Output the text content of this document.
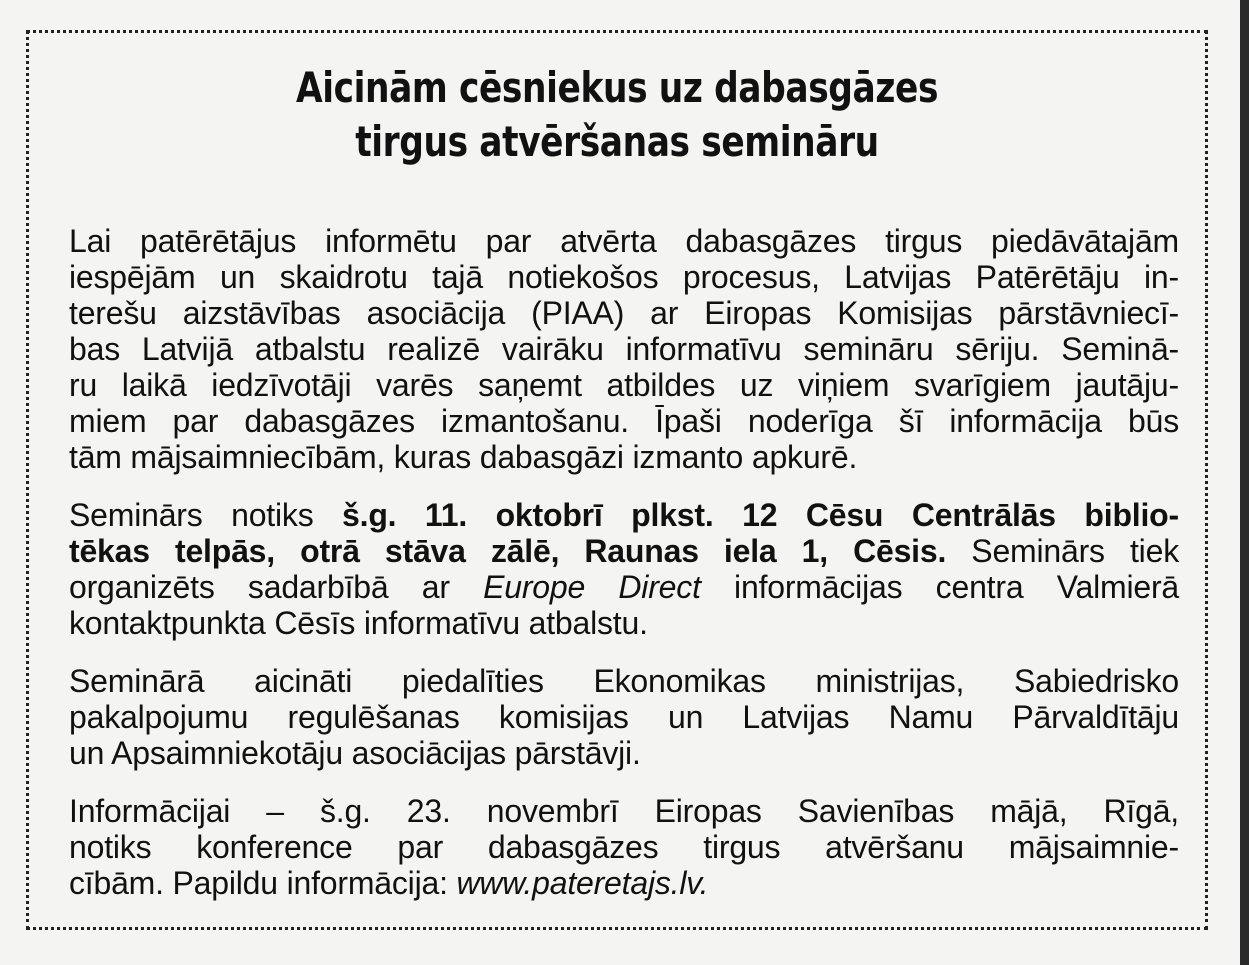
Aicinām cēsniekus uz dabasgāzes
tirgus atvēršanas semināru

Lai patērētājus informētu par atvērta dabasgāzes tirgus piedāvātajām
iespējām un skaidrotu tajā notiekošos procesus, Latvijas Patērētāju in-
terešu aizstāvības asociācija (PIAA) ar Eiropas Komisijas pārstāvniecī-
bas Latvijā atbalstu realizē vairāku informatīvu semināru sēriju. Seminā-
ru laikā iedzīvotāji varēs saņemt atbildes uz viņiem svarīgiem jautāju-
miem par dabasgāzes izmantošanu. Īpaši noderīga šī informācija būs
tām mājsaimniecībām, kuras dabasgāzi izmanto apkurē.

Seminārs notiks š.g. 11. oktobrī plkst. 12 Cēsu Centrālās biblio-
tēkas telpās, otrā stāva zālē, Raunas iela 1, Cēsis. Seminārs tiek
organizēts sadarbībā ar Europe Direct informācijas centra Valmierā
kontaktpunkta Cēsīs informatīvu atbalstu.

Seminārā aicināti piedalīties Ekonomikas ministrijas, Sabiedrisko
pakalpojumu regulēšanas komisijas un Latvijas Namu Pārvaldītāju
un Apsaimniekotāju asociācijas pārstāvji.

Informācijai – š.g. 23. novembrī Eiropas Savienības mājā, Rīgā,
notiks konference par dabasgāzes tirgus atvēršanu mājsaimnie-
cībām. Papildu informācija: www.pateretajs.lv.
